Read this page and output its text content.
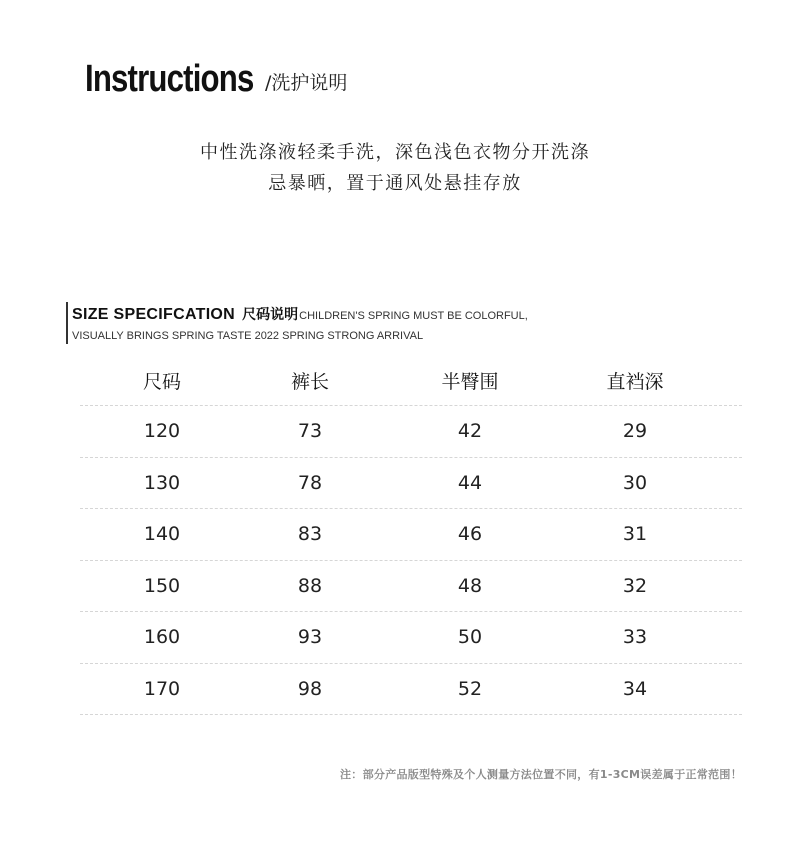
Instructions /洗护说明
中性洗涤液轻柔手洗，深色浅色衣物分开洗涤
忌暴晒，置于通风处悬挂存放
SIZE SPECIFCATION 尺码说明CHILDREN'S SPRING MUST BE COLORFUL,
VISUALLY BRINGS SPRING TASTE 2022 SPRING STRONG ARRIVAL
尺码	裤长	半臀围	直裆深
120	73	42	29
130	78	44	30
140	83	46	31
150	88	48	32
160	93	50	33
170	98	52	34
注：部分产品版型特殊及个人测量方法位置不同，有1-3CM误差属于正常范围！
